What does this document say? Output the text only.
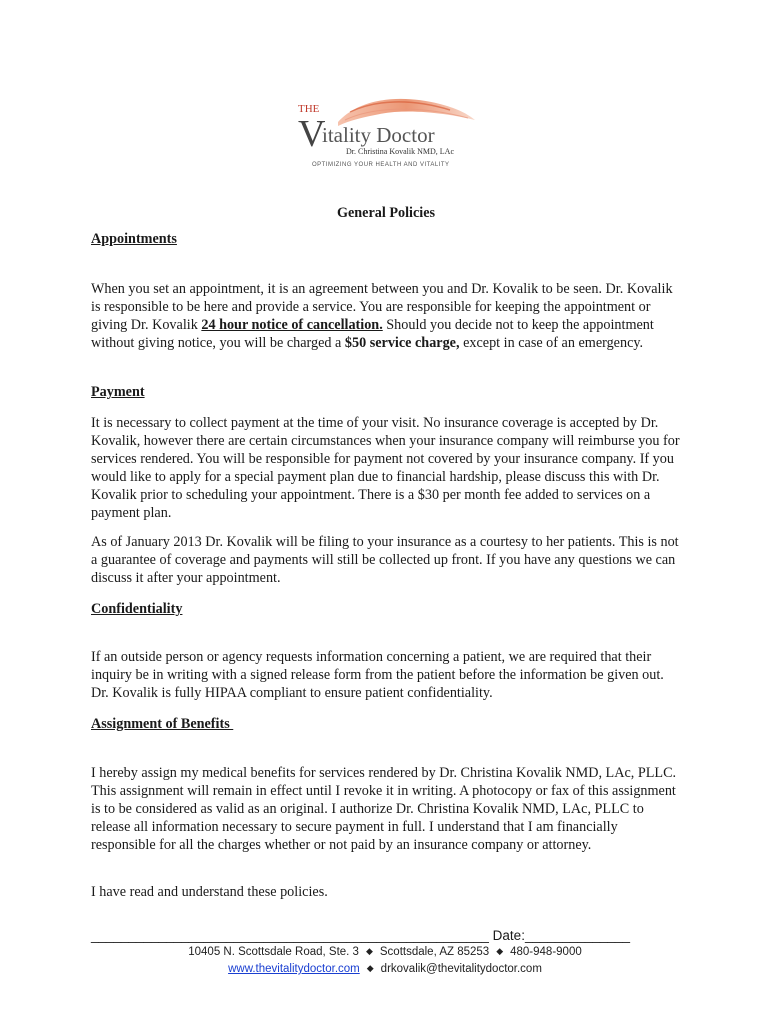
THE
V
itality Doctor
Dr. Christina Kovalik NMD, LAc
OPTIMIZING YOUR HEALTH AND VITALITY

General Policies

Appointments

When you set an appointment, it is an agreement between you and Dr. Kovalik to be seen. Dr. Kovalik is responsible to be here and provide a service. You are responsible for keeping the appointment or giving Dr. Kovalik 24 hour notice of cancellation. Should you decide not to keep the appointment without giving notice, you will be charged a $50 service charge, except in case of an emergency.

Payment

It is necessary to collect payment at the time of your visit. No insurance coverage is accepted by Dr. Kovalik, however there are certain circumstances when your insurance company will reimburse you for services rendered. You will be responsible for payment not covered by your insurance company. If you would like to apply for a special payment plan due to financial hardship, please discuss this with Dr. Kovalik prior to scheduling your appointment. There is a $30 per month fee added to services on a payment plan.

As of January 2013 Dr. Kovalik will be filing to your insurance as a courtesy to her patients. This is not a guarantee of coverage and payments will still be collected up front. If you have any questions we can discuss it after your appointment.

Confidentiality

If an outside person or agency requests information concerning a patient, we are required that their inquiry be in writing with a signed release form from the patient before the information be given out. Dr. Kovalik is fully HIPAA compliant to ensure patient confidentiality.

Assignment of Benefits

I hereby assign my medical benefits for services rendered by Dr. Christina Kovalik NMD, LAc, PLLC. This assignment will remain in effect until I revoke it in writing. A photocopy or fax of this assignment is to be considered as valid as an original. I authorize Dr. Christina Kovalik NMD, LAc, PLLC to release all information necessary to secure payment in full. I understand that I am financially responsible for all the charges whether or not paid by an insurance company or attorney.

I have read and understand these policies.

_____________________________________________________ Date:______________

10405 N. Scottsdale Road, Ste. 3 ◆ Scottsdale, AZ 85253 ◆ 480-948-9000
www.thevitalitydoctor.com ◆ drkovalik@thevitalitydoctor.com
